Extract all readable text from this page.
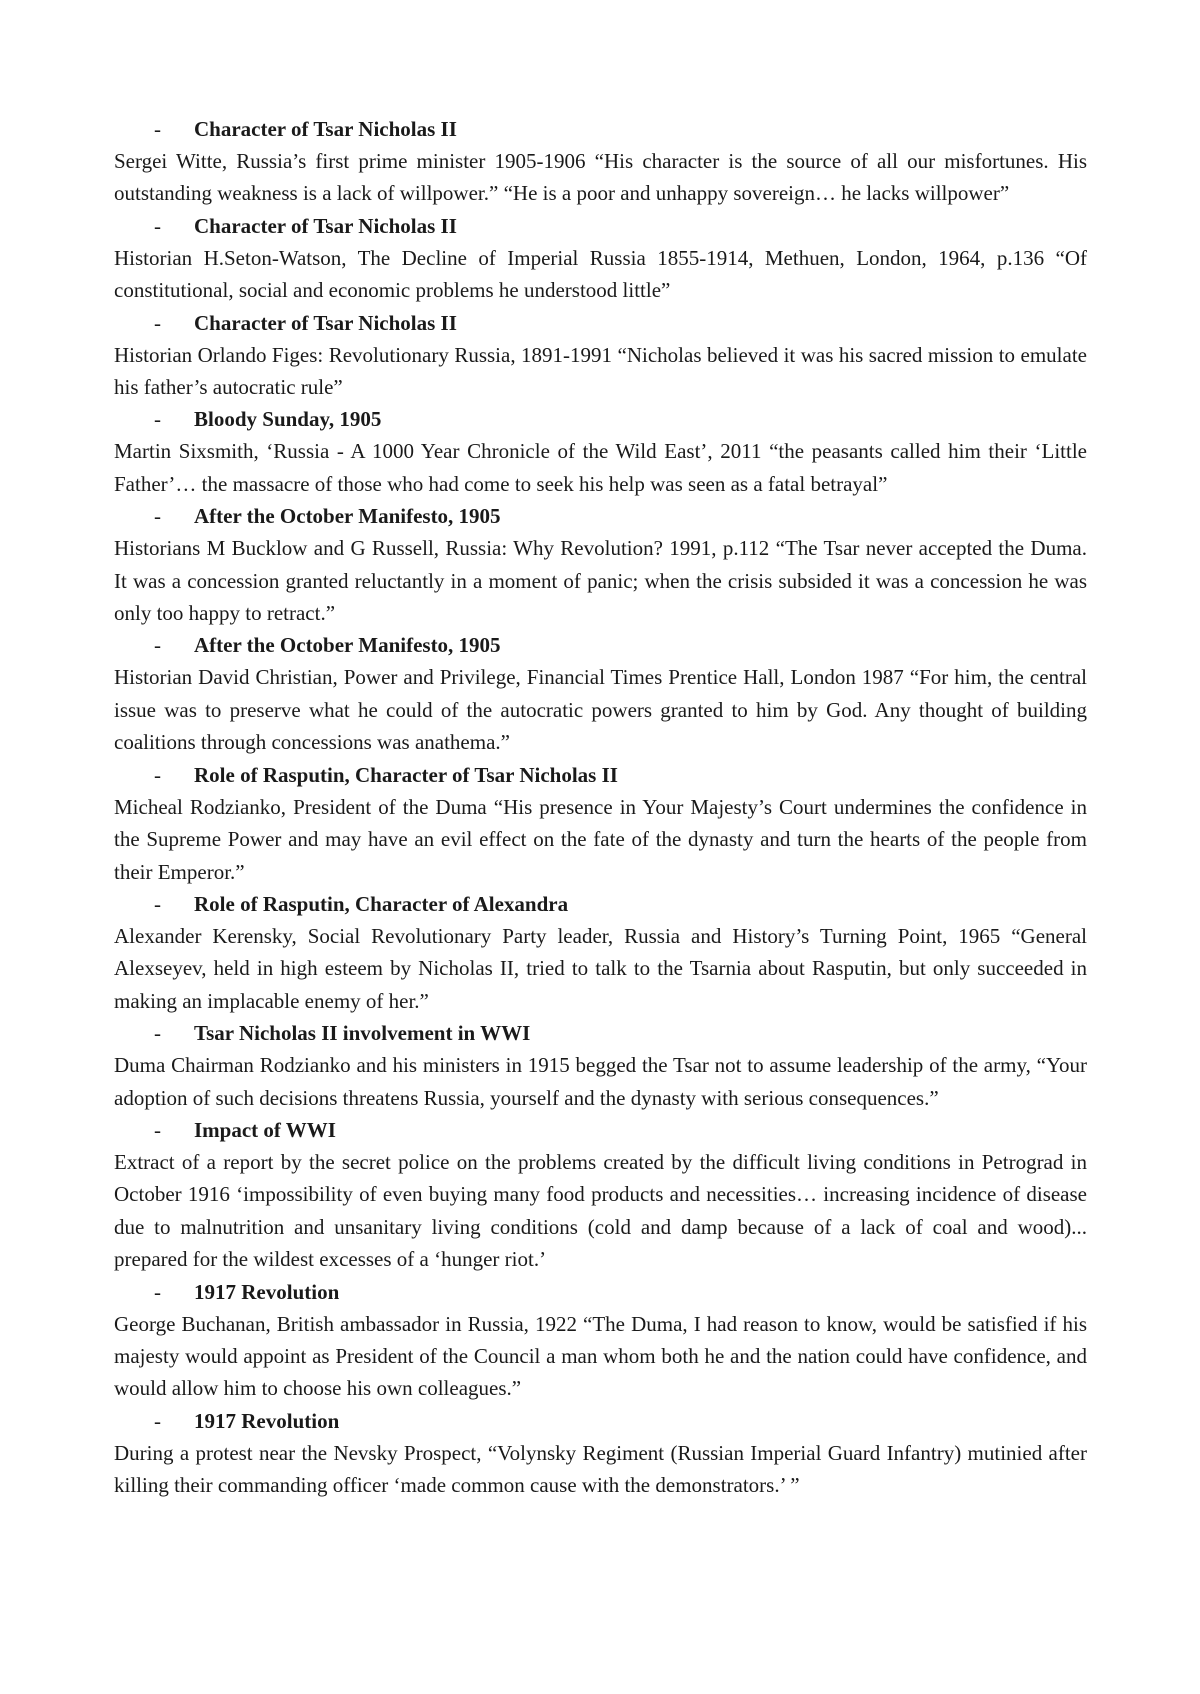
- Character of Tsar Nicholas II

Sergei Witte, Russia’s first prime minister 1905-1906 “His character is the source of all our misfortunes. His outstanding weakness is a lack of willpower.” “He is a poor and unhappy sovereign… he lacks willpower”

- Character of Tsar Nicholas II

Historian H.Seton-Watson, The Decline of Imperial Russia 1855-1914, Methuen, London, 1964, p.136 “Of constitutional, social and economic problems he understood little”

- Character of Tsar Nicholas II

Historian Orlando Figes: Revolutionary Russia, 1891-1991 “Nicholas believed it was his sacred mission to emulate his father’s autocratic rule”

- Bloody Sunday, 1905

Martin Sixsmith, ‘Russia - A 1000 Year Chronicle of the Wild East’, 2011 “the peasants called him their ‘Little Father’… the massacre of those who had come to seek his help was seen as a fatal betrayal”

- After the October Manifesto, 1905

Historians M Bucklow and G Russell, Russia: Why Revolution? 1991, p.112 “The Tsar never accepted the Duma. It was a concession granted reluctantly in a moment of panic; when the crisis subsided it was a concession he was only too happy to retract.”

- After the October Manifesto, 1905

Historian David Christian, Power and Privilege, Financial Times Prentice Hall, London 1987 “For him, the central issue was to preserve what he could of the autocratic powers granted to him by God. Any thought of building coalitions through concessions was anathema.”

- Role of Rasputin, Character of Tsar Nicholas II

Micheal Rodzianko, President of the Duma “His presence in Your Majesty’s Court undermines the confidence in the Supreme Power and may have an evil effect on the fate of the dynasty and turn the hearts of the people from their Emperor.”

- Role of Rasputin, Character of Alexandra

Alexander Kerensky, Social Revolutionary Party leader, Russia and History’s Turning Point, 1965 “General Alexseyev, held in high esteem by Nicholas II, tried to talk to the Tsarnia about Rasputin, but only succeeded in making an implacable enemy of her.”

- Tsar Nicholas II involvement in WWI

Duma Chairman Rodzianko and his ministers in 1915 begged the Tsar not to assume leadership of the army, “Your adoption of such decisions threatens Russia, yourself and the dynasty with serious consequences.”

- Impact of WWI

Extract of a report by the secret police on the problems created by the difficult living conditions in Petrograd in October 1916 ‘impossibility of even buying many food products and necessities… increasing incidence of disease due to malnutrition and unsanitary living conditions (cold and damp because of a lack of coal and wood)... prepared for the wildest excesses of a ‘hunger riot.’

- 1917 Revolution

George Buchanan, British ambassador in Russia, 1922 “The Duma, I had reason to know, would be satisfied if his majesty would appoint as President of the Council a man whom both he and the nation could have confidence, and would allow him to choose his own colleagues.”

- 1917 Revolution

During a protest near the Nevsky Prospect, “Volynsky Regiment (Russian Imperial Guard Infantry) mutinied after killing their commanding officer ‘made common cause with the demonstrators.’ ”
